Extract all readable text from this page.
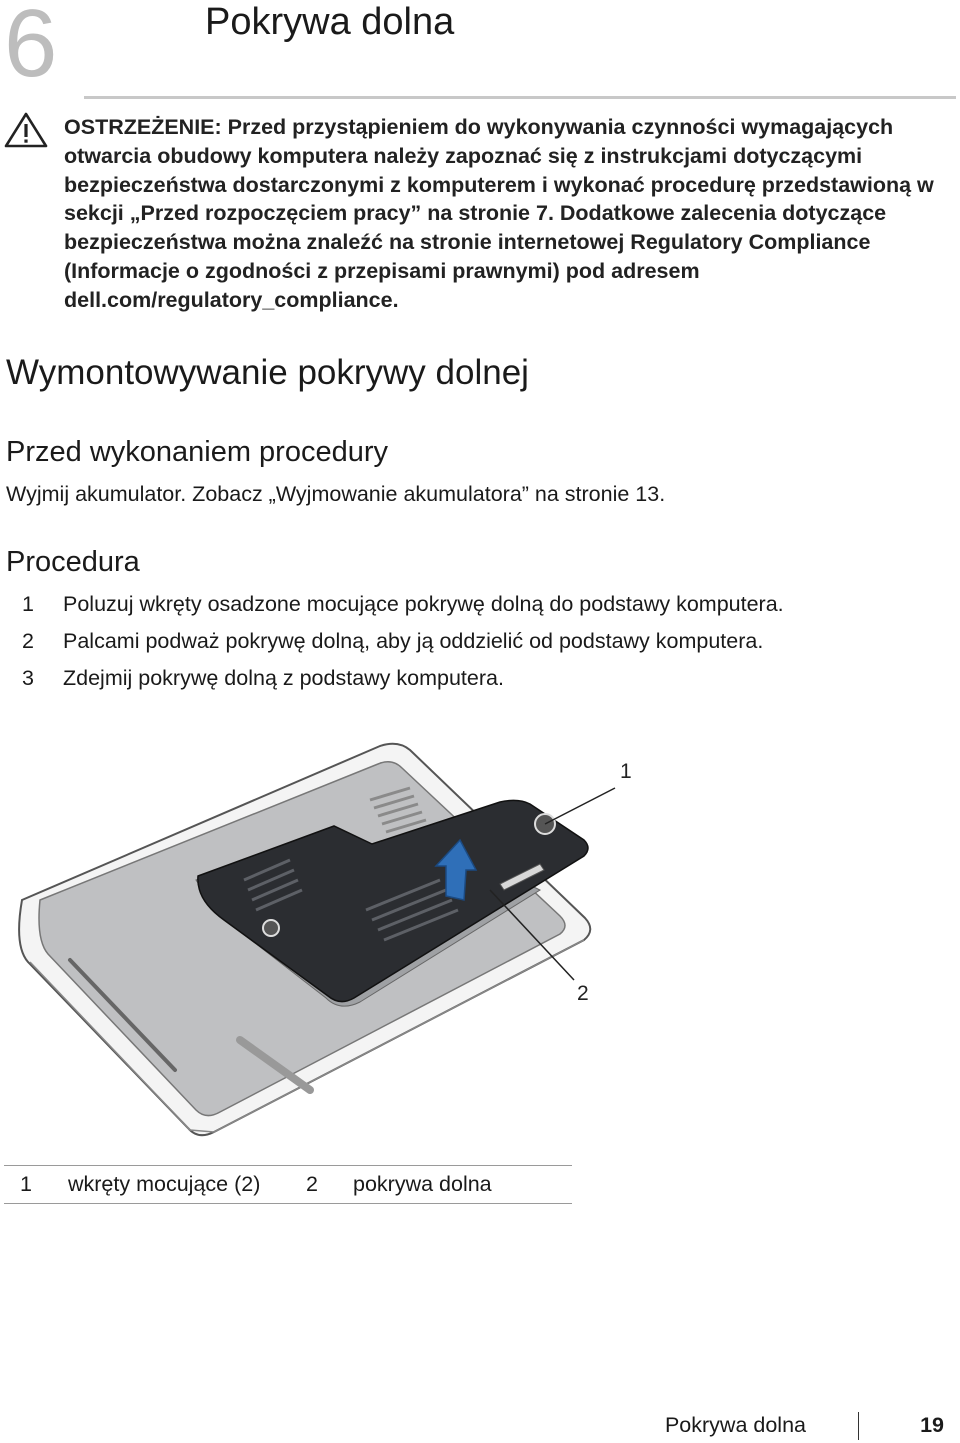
6	Pokrywa dolna
OSTRZEŻENIE: Przed przystąpieniem do wykonywania czynności wymagających otwarcia obudowy komputera należy zapoznać się z instrukcjami dotyczącymi bezpieczeństwa dostarczonymi z komputerem i wykonać procedurę przedstawioną w sekcji „Przed rozpoczęciem pracy” na stronie 7. Dodatkowe zalecenia dotyczące bezpieczeństwa można znaleźć na stronie internetowej Regulatory Compliance (Informacje o zgodności z przepisami prawnymi) pod adresem dell.com/regulatory_compliance.
Wymontowywanie pokrywy dolnej
Przed wykonaniem procedury
Wyjmij akumulator. Zobacz „Wyjmowanie akumulatora” na stronie 13.
Procedura
1	Poluzuj wkręty osadzone mocujące pokrywę dolną do podstawy komputera.
2	Palcami podważ pokrywę dolną, aby ją oddzielić od podstawy komputera.
3	Zdejmij pokrywę dolną z podstawy komputera.
1
2
1 wkręty mocujące (2) 2 pokrywa dolna
Pokrywa dolna	19
